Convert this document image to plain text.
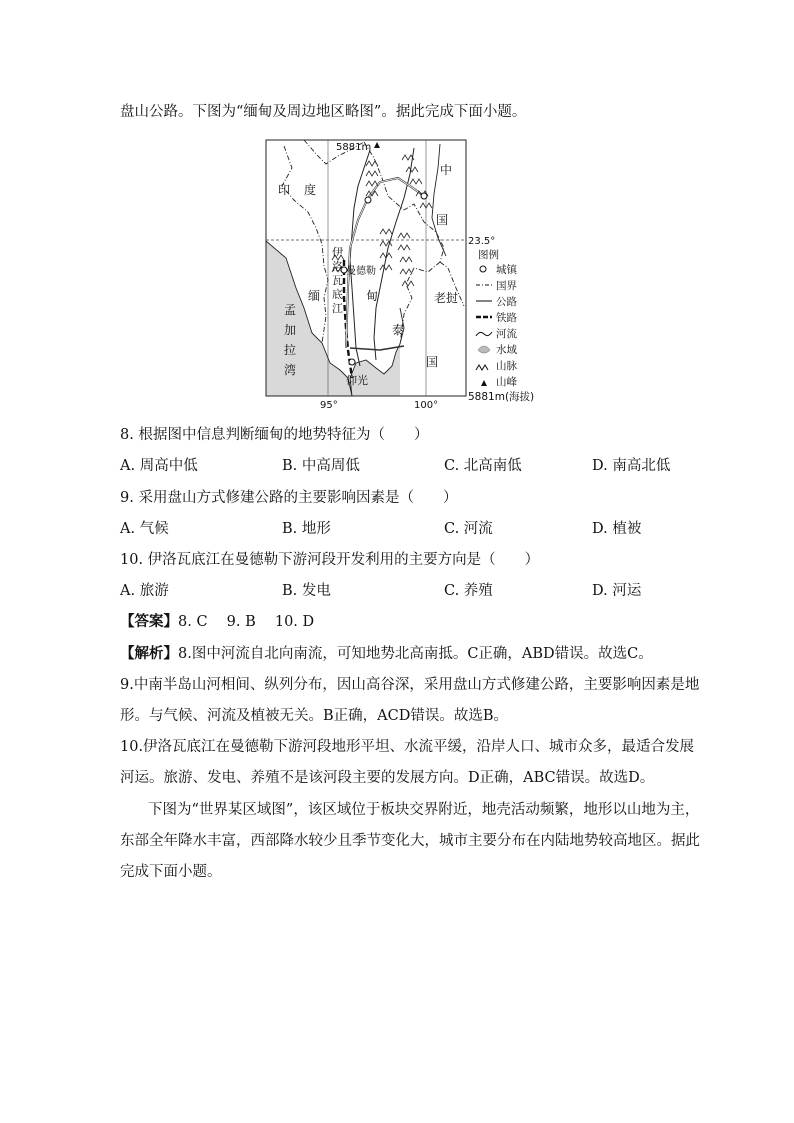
盘山公路。下图为“缅甸及周边地区略图”。据此完成下面小题。
5881m
23.5°
95°	100°
印度
中
国
缅	甸
泰
国
老挝
孟
加
拉
湾
伊
洛
瓦
底
江
曼德勒
仰光
图例
城镇
国界
公路
铁路
河流
水域
山脉
山峰
5881m(海拔)
8. 根据图中信息判断缅甸的地势特征为（　　）
A. 周高中低	B. 中高周低	C. 北高南低	D. 南高北低
9. 采用盘山方式修建公路的主要影响因素是（　　）
A. 气候	B. 地形	C. 河流	D. 植被
10. 伊洛瓦底江在曼德勒下游河段开发利用的主要方向是（　　）
A. 旅游	B. 发电	C. 养殖	D. 河运
【答案】8. C　 9. B　 10. D
【解析】8.图中河流自北向南流，可知地势北高南抵。C正确，ABD错误。故选C。
9.中南半岛山河相间、纵列分布，因山高谷深，采用盘山方式修建公路，主要影响因素是地
形。与气候、河流及植被无关。B正确，ACD错误。故选B。
10.伊洛瓦底江在曼德勒下游河段地形平坦、水流平缓，沿岸人口、城市众多，最适合发展
河运。旅游、发电、养殖不是该河段主要的发展方向。D正确，ABC错误。故选D。
下图为“世界某区域图”，该区域位于板块交界附近，地壳活动频繁，地形以山地为主，
东部全年降水丰富，西部降水较少且季节变化大，城市主要分布在内陆地势较高地区。据此
完成下面小题。
